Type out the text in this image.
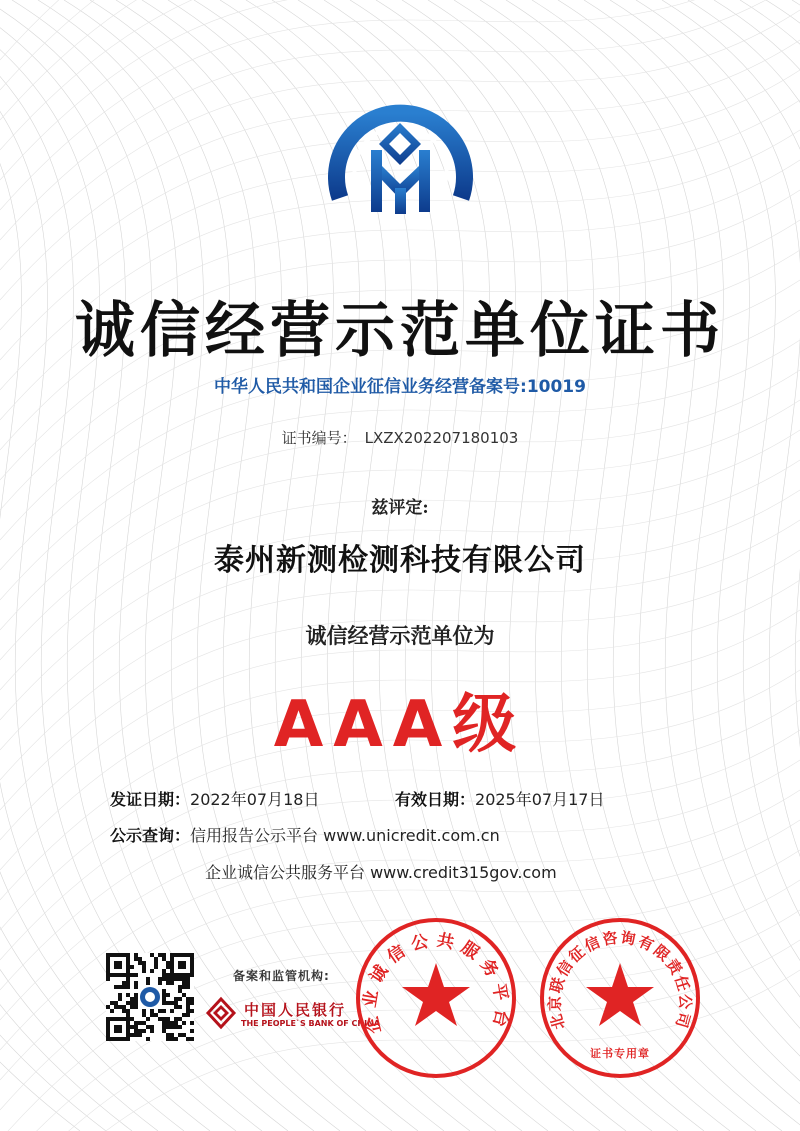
诚信经营示范单位证书
中华人民共和国企业征信业务经营备案号:10019
证书编号： LXZX202207180103
兹评定:
泰州新测检测科技有限公司
诚信经营示范单位为
AAA级
发证日期：2022年07月18日	有效日期：2025年07月17日
公示查询：信用报告公示平台 www.unicredit.com.cn
企业诚信公共服务平台 www.credit315gov.com
备案和监管机构:
中国人民银行
THE PEOPLE`S BANK OF CHINA
企业诚信公共服务平台 北京联信征信咨询有限责任公司
证书专用章
